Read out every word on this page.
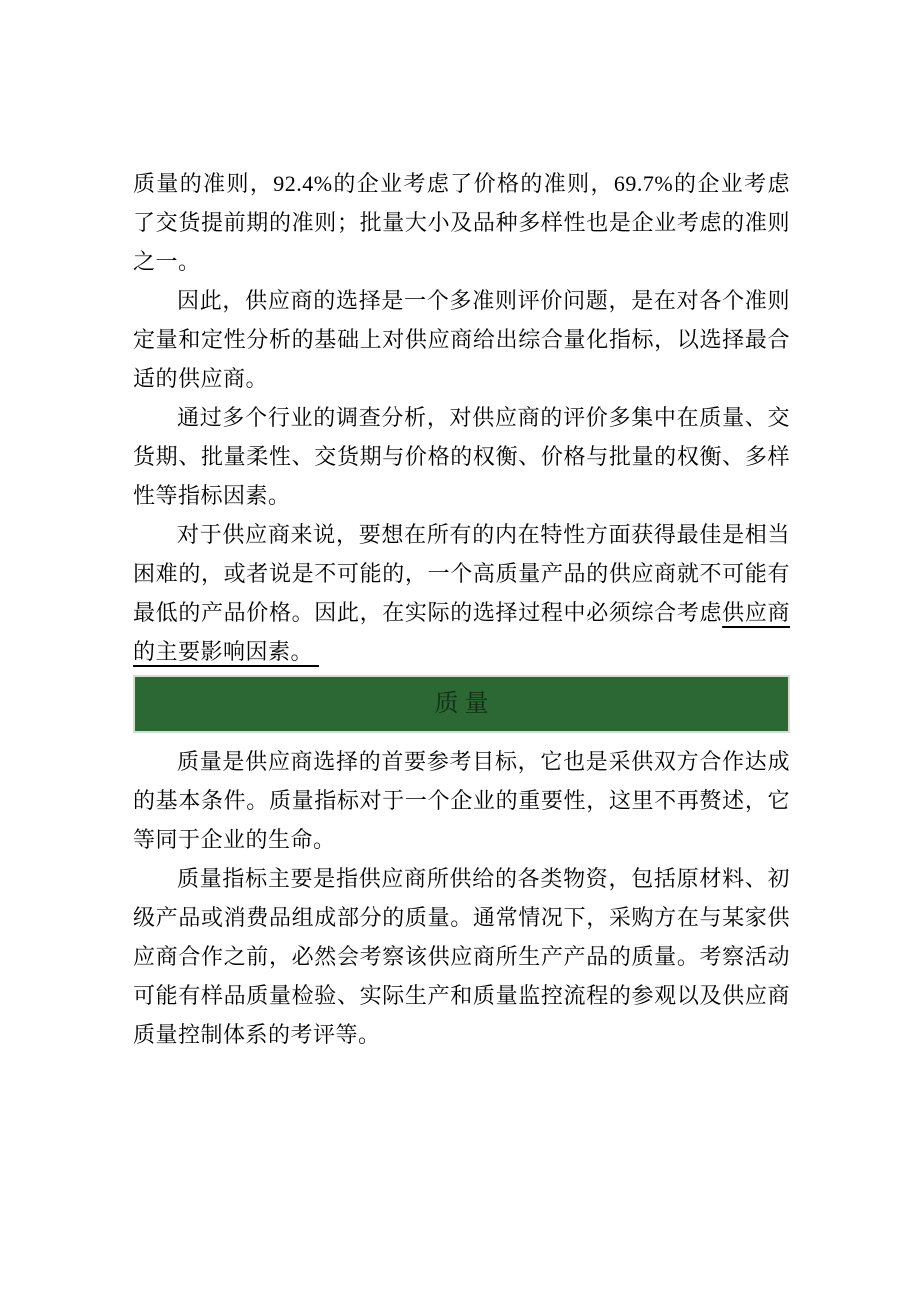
质量的准则，92.4%的企业考虑了价格的准则，69.7%的企业考虑了交货提前期的准则；批量大小及品种多样性也是企业考虑的准则之一。

因此，供应商的选择是一个多准则评价问题，是在对各个准则定量和定性分析的基础上对供应商给出综合量化指标，以选择最合适的供应商。

通过多个行业的调查分析，对供应商的评价多集中在质量、交货期、批量柔性、交货期与价格的权衡、价格与批量的权衡、多样性等指标因素。

对于供应商来说，要想在所有的内在特性方面获得最佳是相当困难的，或者说是不可能的，一个高质量产品的供应商就不可能有最低的产品价格。因此，在实际的选择过程中必须综合考虑供应商的主要影响因素。

质量

质量是供应商选择的首要参考目标，它也是采供双方合作达成的基本条件。质量指标对于一个企业的重要性，这里不再赘述，它等同于企业的生命。

质量指标主要是指供应商所供给的各类物资，包括原材料、初级产品或消费品组成部分的质量。通常情况下，采购方在与某家供应商合作之前，必然会考察该供应商所生产产品的质量。考察活动可能有样品质量检验、实际生产和质量监控流程的参观以及供应商质量控制体系的考评等。
